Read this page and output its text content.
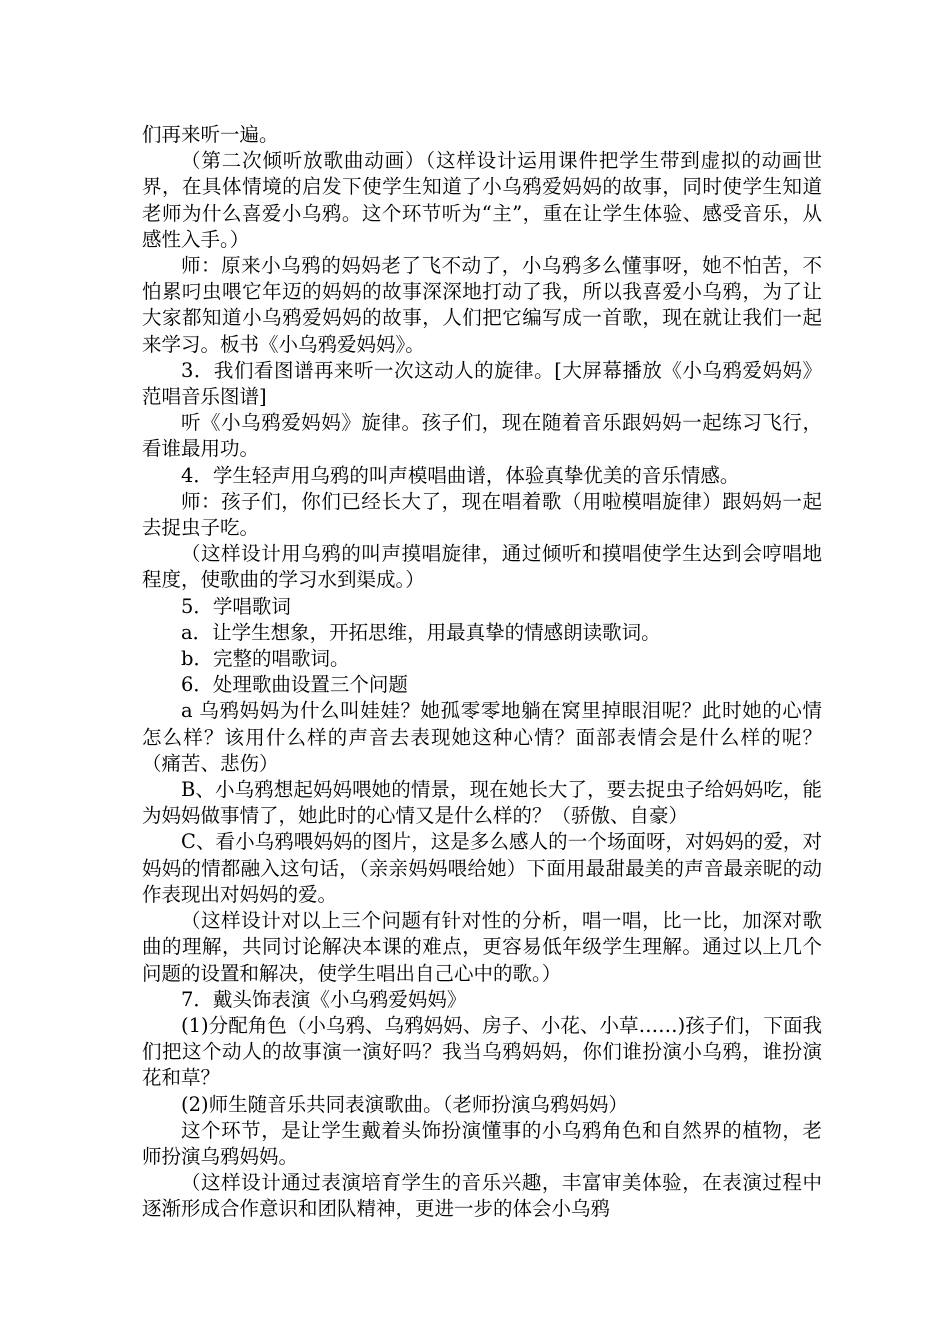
们再来听一遍。

（第二次倾听放歌曲动画）（这样设计运用课件把学生带到虚拟的动画世界，在具体情境的启发下使学生知道了小乌鸦爱妈妈的故事，同时使学生知道老师为什么喜爱小乌鸦。这个环节听为“主”，重在让学生体验、感受音乐，从感性入手。）

师：原来小乌鸦的妈妈老了飞不动了，小乌鸦多么懂事呀，她不怕苦，不怕累叼虫喂它年迈的妈妈的故事深深地打动了我，所以我喜爱小乌鸦，为了让大家都知道小乌鸦爱妈妈的故事，人们把它编写成一首歌，现在就让我们一起来学习。板书《小乌鸦爱妈妈》。

3．我们看图谱再来听一次这动人的旋律。[大屏幕播放《小乌鸦爱妈妈》范唱音乐图谱]

听《小乌鸦爱妈妈》旋律。孩子们，现在随着音乐跟妈妈一起练习飞行，看谁最用功。

4．学生轻声用乌鸦的叫声模唱曲谱，体验真挚优美的音乐情感。

师：孩子们，你们已经长大了，现在唱着歌（用啦模唱旋律）跟妈妈一起去捉虫子吃。

（这样设计用乌鸦的叫声摸唱旋律，通过倾听和摸唱使学生达到会哼唱地程度，使歌曲的学习水到渠成。）

5．学唱歌词

a．让学生想象，开拓思维，用最真挚的情感朗读歌词。

b．完整的唱歌词。

6．处理歌曲设置三个问题

a 乌鸦妈妈为什么叫娃娃？她孤零零地躺在窝里掉眼泪呢？此时她的心情怎么样？该用什么样的声音去表现她这种心情？面部表情会是什么样的呢？（痛苦、悲伤）

B、小乌鸦想起妈妈喂她的情景，现在她长大了，要去捉虫子给妈妈吃，能为妈妈做事情了，她此时的心情又是什么样的？（骄傲、自豪）

C、看小乌鸦喂妈妈的图片，这是多么感人的一个场面呀，对妈妈的爱，对妈妈的情都融入这句话，（亲亲妈妈喂给她）下面用最甜最美的声音最亲昵的动作表现出对妈妈的爱。

（这样设计对以上三个问题有针对性的分析，唱一唱，比一比，加深对歌曲的理解，共同讨论解决本课的难点，更容易低年级学生理解。通过以上几个问题的设置和解决，使学生唱出自己心中的歌。）

7．戴头饰表演《小乌鸦爱妈妈》

(1)分配角色（小乌鸦、乌鸦妈妈、房子、小花、小草……)孩子们，下面我们把这个动人的故事演一演好吗？我当乌鸦妈妈，你们谁扮演小乌鸦，谁扮演花和草？

(2)师生随音乐共同表演歌曲。（老师扮演乌鸦妈妈）

这个环节，是让学生戴着头饰扮演懂事的小乌鸦角色和自然界的植物，老师扮演乌鸦妈妈。

（这样设计通过表演培育学生的音乐兴趣，丰富审美体验，在表演过程中逐渐形成合作意识和团队精神，更进一步的体会小乌鸦
